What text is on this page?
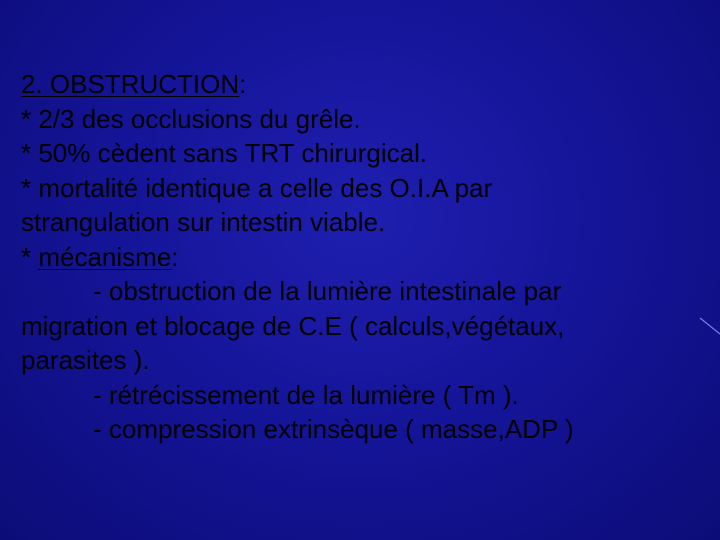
2. OBSTRUCTION:
* 2/3 des occlusions du grêle.
* 50% cèdent sans TRT chirurgical.
* mortalité identique a celle des O.I.A par
strangulation sur intestin viable.
* mécanisme:
- obstruction de la lumière intestinale par
migration et blocage de C.E ( calculs,végétaux,
parasites ).
- rétrécissement de la lumière ( Tm ).
- compression extrinsèque ( masse,ADP )
